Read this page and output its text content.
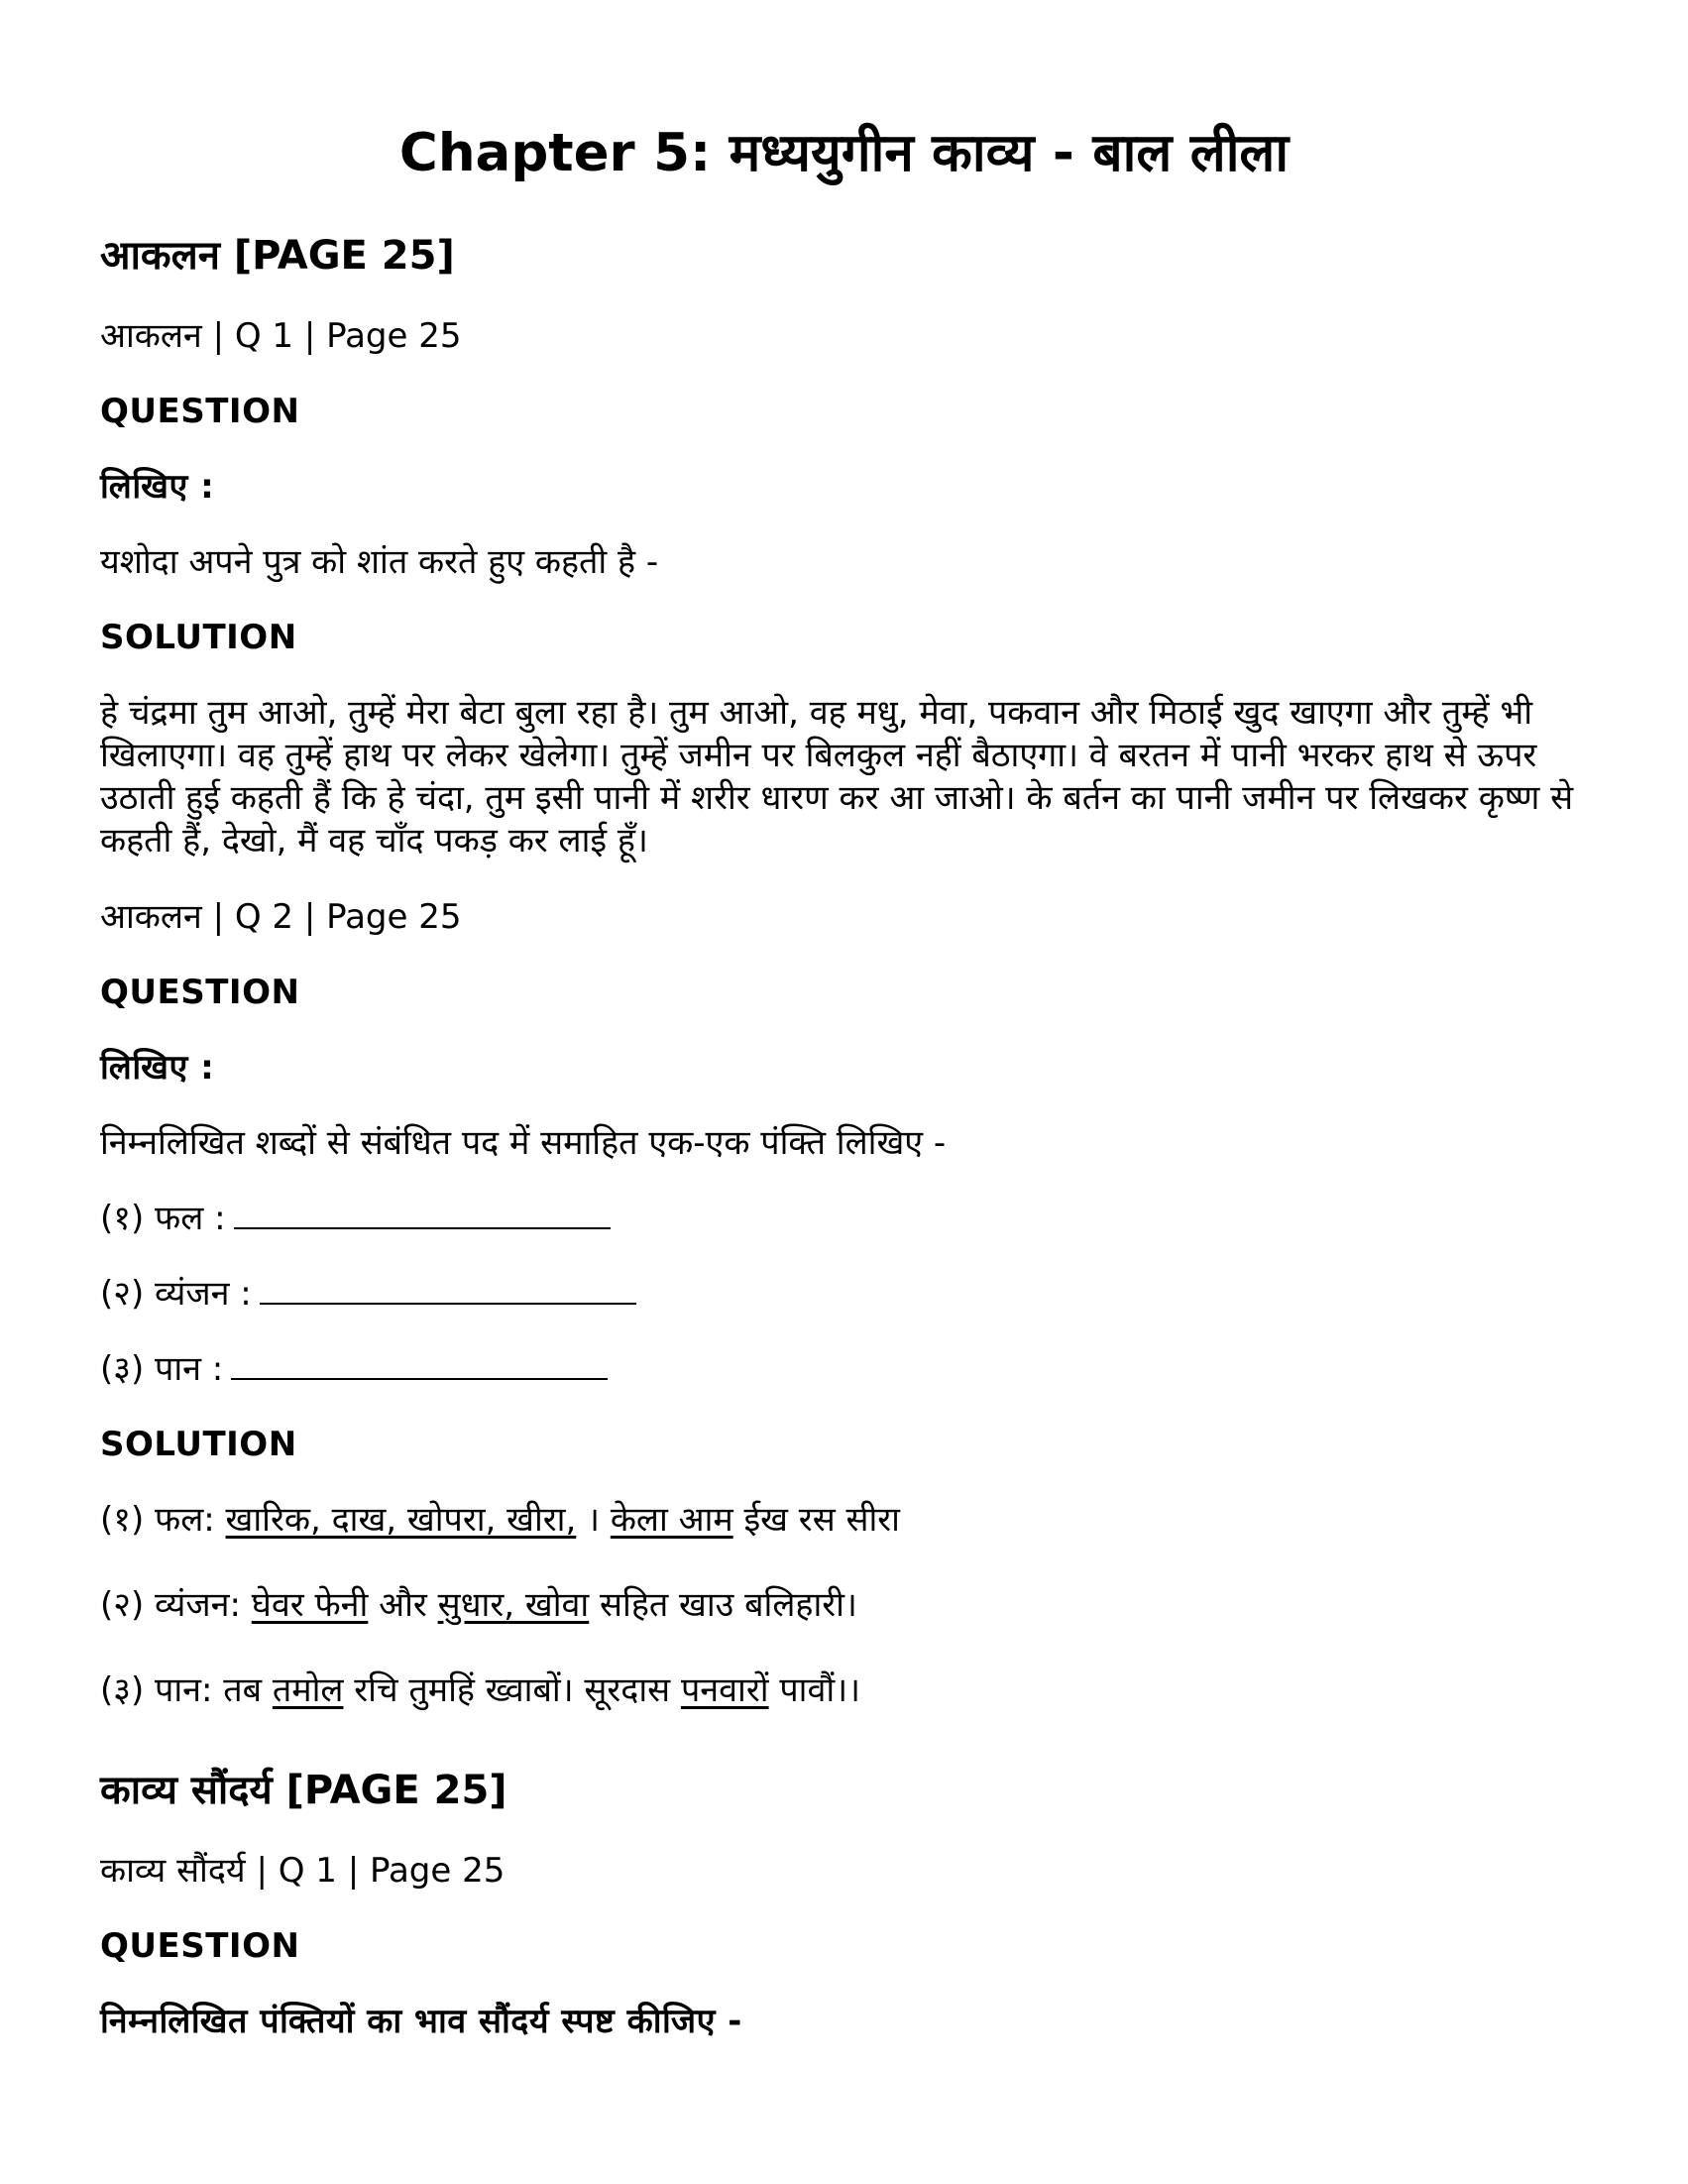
Chapter 5: मध्ययुगीन काव्य - बाल लीला
आकलन [PAGE 25]

आकलन | Q 1 | Page 25

QUESTION

लिखिए :

यशोदा अपने पुत्र को शांत करते हुए कहती है -

SOLUTION

हे चंद्रमा तुम आओ, तुम्हें मेरा बेटा बुला रहा है। तुम आओ, वह मधु, मेवा, पकवान और मिठाई खुद खाएगा और तुम्हें भी खिलाएगा। वह तुम्हें हाथ पर लेकर खेलेगा। तुम्हें जमीन पर बिलकुल नहीं बैठाएगा। वे बरतन में पानी भरकर हाथ से ऊपर उठाती हुई कहती हैं कि हे चंदा, तुम इसी पानी में शरीर धारण कर आ जाओ। के बर्तन का पानी जमीन पर लिखकर कृष्ण से कहती हैं, देखो, मैं वह चाँद पकड़ कर लाई हूँ।

आकलन | Q 2 | Page 25

QUESTION

लिखिए :

निम्नलिखित शब्दों से संबंधित पद में समाहित एक-एक पंक्ति लिखिए -

(१) फल :

(२) व्यंजन :

(३) पान :

SOLUTION

(१) फल: खारिक, दाख, खोपरा, खीरा, । केला आम ईख रस सीरा

(२) व्यंजन: घेवर फेनी और सुधार, खोवा सहित खाउ बलिहारी।

(३) पान: तब तमोल रचि तुमहिं ख्वाबों। सूरदास पनवारों पावौं।।

काव्य सौंदर्य [PAGE 25]

काव्य सौंदर्य | Q 1 | Page 25

QUESTION

निम्नलिखित पंक्तियों का भाव सौंदर्य स्पष्ट कीजिए -
